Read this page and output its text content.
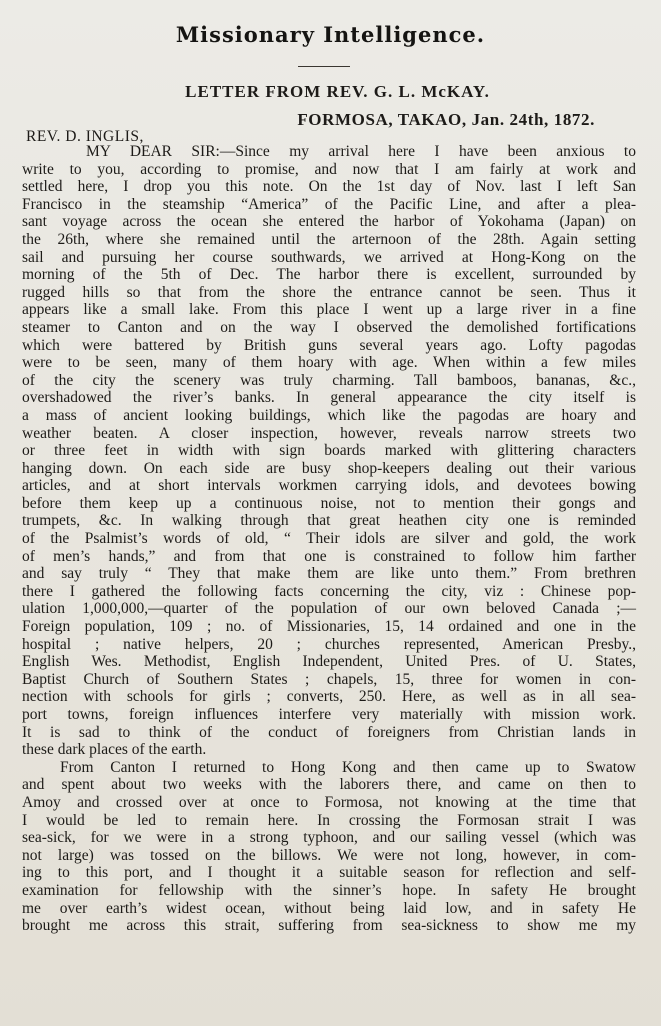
Missionary Intelligence.
LETTER FROM REV. G. L. McKAY.
FORMOSA, TAKAO, Jan. 24th, 1872.
REV. D. INGLIS,
MY DEAR SIR:—Since my arrival here I have been anxious to
write to you, according to promise, and now that I am fairly at work and
settled here, I drop you this note. On the 1st day of Nov. last I left San
Francisco in the steamship “America” of the Pacific Line, and after a plea-
sant voyage across the ocean she entered the harbor of Yokohama (Japan) on
the 26th, where she remained until the arternoon of the 28th. Again setting
sail and pursuing her course southwards, we arrived at Hong-Kong on the
morning of the 5th of Dec. The harbor there is excellent, surrounded by
rugged hills so that from the shore the entrance cannot be seen. Thus it
appears like a small lake. From this place I went up a large river in a fine
steamer to Canton and on the way I observed the demolished fortifications
which were battered by British guns several years ago. Lofty pagodas
were to be seen, many of them hoary with age. When within a few miles
of the city the scenery was truly charming. Tall bamboos, bananas, &c.,
overshadowed the river’s banks. In general appearance the city itself is
a mass of ancient looking buildings, which like the pagodas are hoary and
weather beaten. A closer inspection, however, reveals narrow streets two
or three feet in width with sign boards marked with glittering characters
hanging down. On each side are busy shop-keepers dealing out their various
articles, and at short intervals workmen carrying idols, and devotees bowing
before them keep up a continuous noise, not to mention their gongs and
trumpets, &c. In walking through that great heathen city one is reminded
of the Psalmist’s words of old, “ Their idols are silver and gold, the work
of men’s hands,” and from that one is constrained to follow him farther
and say truly “ They that make them are like unto them.” From brethren
there I gathered the following facts concerning the city, viz : Chinese pop-
ulation 1,000,000,—quarter of the population of our own beloved Canada ;—
Foreign population, 109 ; no. of Missionaries, 15, 14 ordained and one in the
hospital ; native helpers, 20 ; churches represented, American Presby.,
English Wes. Methodist, English Independent, United Pres. of U. States,
Baptist Church of Southern States ; chapels, 15, three for women in con-
nection with schools for girls ; converts, 250. Here, as well as in all sea-
port towns, foreign influences interfere very materially with mission work.
It is sad to think of the conduct of foreigners from Christian lands in
these dark places of the earth.
From Canton I returned to Hong Kong and then came up to Swatow
and spent about two weeks with the laborers there, and came on then to
Amoy and crossed over at once to Formosa, not knowing at the time that
I would be led to remain here. In crossing the Formosan strait I was
sea-sick, for we were in a strong typhoon, and our sailing vessel (which was
not large) was tossed on the billows. We were not long, however, in com-
ing to this port, and I thought it a suitable season for reflection and self-
examination for fellowship with the sinner’s hope. In safety He brought
me over earth’s widest ocean, without being laid low, and in safety He
brought me across this strait, suffering from sea-sickness to show me my
